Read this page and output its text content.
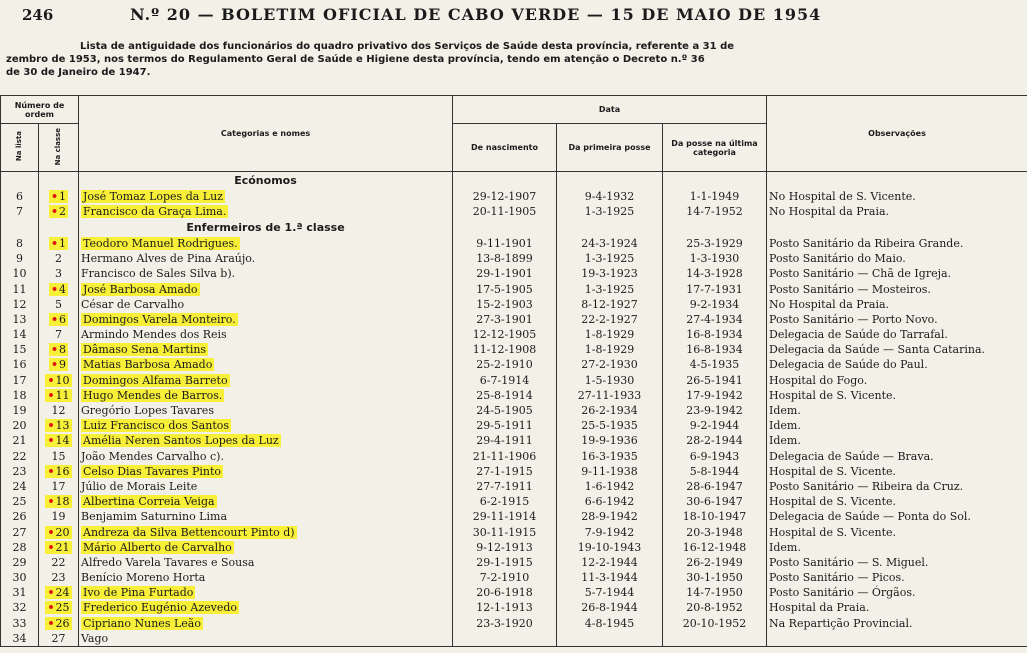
246	N.º 20 — BOLETIM OFICIAL DE CABO VERDE — 15 DE MAIO DE 1954

Lista de antiguidade dos funcionários do quadro privativo dos Serviços de Saúde desta província, referente a 31 de

zembro de 1953, nos termos do Regulamento Geral de Saúde e Higiene desta província, tendo em atenção o Decreto n.º 36

de 30 de Janeiro de 1947.

Número de ordem		Categorias e nomes	Data			Observações
Na lista	Na classe		De nascimento	Da primeira posse	Da posse na última categoria	
		Ecónomos				
6	•1	José Tomaz Lopes da Luz	29-12-1907	9-4-1932	1-1-1949	No Hospital de S. Vicente.
7	•2	Francisco da Graça Lima.	20-11-1905	1-3-1925	14-7-1952	No Hospital da Praia.
		Enfermeiros de 1.ª classe				
8	•1	Teodoro Manuel Rodrigues.	9-11-1901	24-3-1924	25-3-1929	Posto Sanitário da Ribeira Grande.
9	2	Hermano Alves de Pina Araújo.	13-8-1899	1-3-1925	1-3-1930	Posto Sanitário do Maio.
10	3	Francisco de Sales Silva b).	29-1-1901	19-3-1923	14-3-1928	Posto Sanitário — Chã de Igreja.
11	•4	José Barbosa Amado	17-5-1905	1-3-1925	17-7-1931	Posto Sanitário — Mosteiros.
12	5	César de Carvalho	15-2-1903	8-12-1927	9-2-1934	No Hospital da Praia.
13	•6	Domingos Varela Monteiro.	27-3-1901	22-2-1927	27-4-1934	Posto Sanitário — Porto Novo.
14	7	Armindo Mendes dos Reis	12-12-1905	1-8-1929	16-8-1934	Delegacia de Saúde do Tarrafal.
15	•8	Dâmaso Sena Martins	11-12-1908	1-8-1929	16-8-1934	Delegacia da Saúde — Santa Catarina.
16	•9	Matias Barbosa Amado	25-2-1910	27-2-1930	4-5-1935	Delegacia de Saúde do Paul.
17	•10	Domingos Alfama Barreto	6-7-1914	1-5-1930	26-5-1941	Hospital do Fogo.
18	•11	Hugo Mendes de Barros.	25-8-1914	27-11-1933	17-9-1942	Hospital de S. Vicente.
19	12	Gregório Lopes Tavares	24-5-1905	26-2-1934	23-9-1942	Idem.
20	•13	Luiz Francisco dos Santos	29-5-1911	25-5-1935	9-2-1944	Idem.
21	•14	Amélia Neren Santos Lopes da Luz	29-4-1911	19-9-1936	28-2-1944	Idem.
22	15	João Mendes Carvalho c).	21-11-1906	16-3-1935	6-9-1943	Delegacia de Saúde — Brava.
23	•16	Celso Dias Tavares Pinto	27-1-1915	9-11-1938	5-8-1944	Hospital de S. Vicente.
24	17	Júlio de Morais Leite	27-7-1911	1-6-1942	28-6-1947	Posto Sanitário — Ribeira da Cruz.
25	•18	Albertina Correia Veiga	6-2-1915	6-6-1942	30-6-1947	Hospital de S. Vicente.
26	19	Benjamim Saturnino Lima	29-11-1914	28-9-1942	18-10-1947	Delegacia de Saúde — Ponta do Sol.
27	•20	Andreza da Silva Bettencourt Pinto d)	30-11-1915	7-9-1942	20-3-1948	Hospital de S. Vicente.
28	•21	Mário Alberto de Carvalho	9-12-1913	19-10-1943	16-12-1948	Idem.
29	22	Alfredo Varela Tavares e Sousa	29-1-1915	12-2-1944	26-2-1949	Posto Sanitário — S. Miguel.
30	23	Benício Moreno Horta	7-2-1910	11-3-1944	30-1-1950	Posto Sanitário — Picos.
31	•24	Ivo de Pina Furtado	20-6-1918	5-7-1944	14-7-1950	Posto Sanitário — Órgãos.
32	•25	Frederico Eugénio Azevedo	12-1-1913	26-8-1944	20-8-1952	Hospital da Praia.
33	•26	Cipriano Nunes Leão	23-3-1920	4-8-1945	20-10-1952	Na Repartição Provincial.
34	27	Vago				
